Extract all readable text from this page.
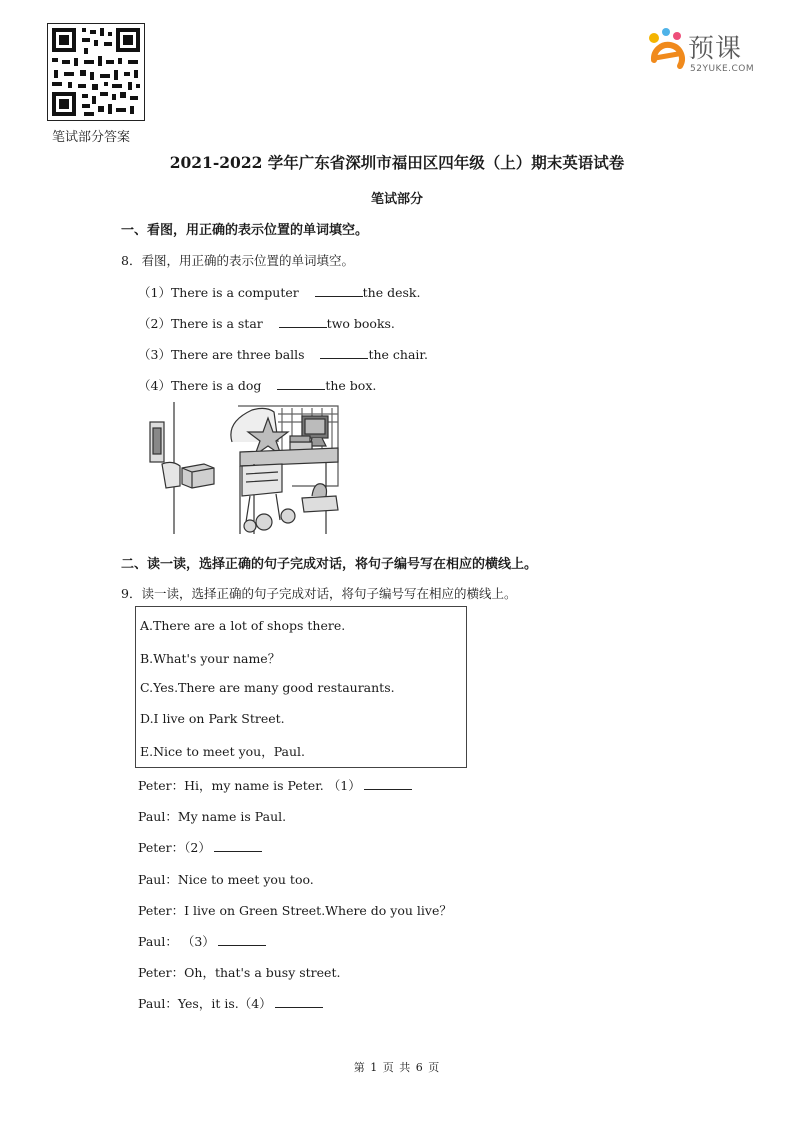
笔试部分答案
预课
52YUKE.COM
2021-2022 学年广东省深圳市福田区四年级（上）期末英语试卷
笔试部分
一、看图，用正确的表示位置的单词填空。
8．看图，用正确的表示位置的单词填空。
（1）There is a computer	the desk.
（2）There is a star	two books.
（3）There are three balls	the chair.
（4）There is a dog	the box.
二、读一读，选择正确的句子完成对话，将句子编号写在相应的横线上。
9．读一读，选择正确的句子完成对话，将句子编号写在相应的横线上。
A.There are a lot of shops there.
B.What's your name？
C.Yes.There are many good restaurants.
D.I live on Park Street.
E.Nice to meet you，Paul.
Peter：Hi，my name is Peter. （1）
Paul：My name is Paul.
Peter：（2）
Paul：Nice to meet you too.
Peter：I live on Green Street.Where do you live？
Paul： （3）
Peter：Oh，that's a busy street.
Paul：Yes，it is.（4）
第 1 页 共 6 页
